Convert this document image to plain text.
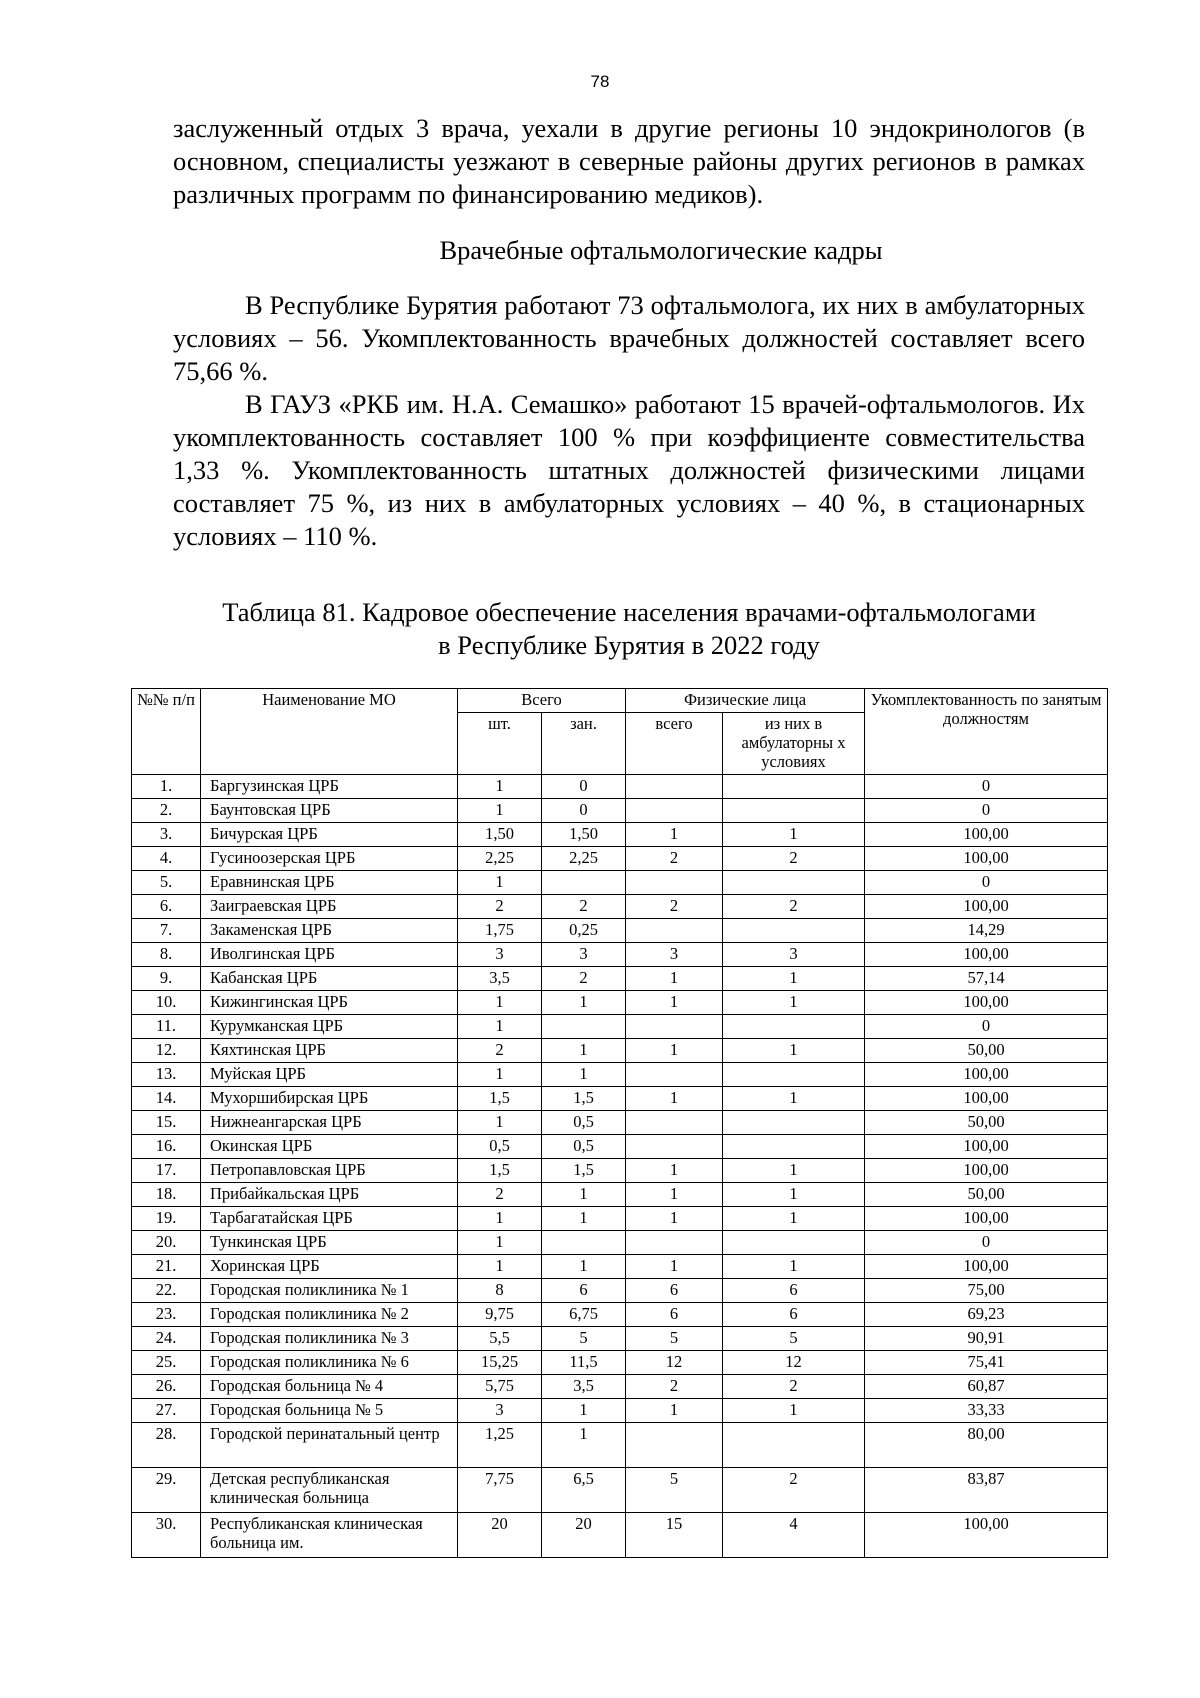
78

заслуженный отдых 3 врача, уехали в другие регионы 10 эндокринологов (в основном, специалисты уезжают в северные районы других регионов в рамках различных программ по финансированию медиков).

Врачебные офтальмологические кадры

В Республике Бурятия работают 73 офтальмолога, их них в амбулаторных условиях – 56. Укомплектованность врачебных должностей составляет всего 75,66 %.

В ГАУЗ «РКБ им. Н.А. Семашко» работают 15 врачей-офтальмологов. Их укомплектованность составляет 100 % при коэффициенте совместительства 1,33 %. Укомплектованность штатных должностей физическими лицами составляет 75 %, из них в амбулаторных условиях – 40 %, в стационарных условиях – 110 %.

Таблица 81. Кадровое обеспечение населения врачами-офтальмологами
в Республике Бурятия в 2022 году
№№ п/п	Наименование МО	Всего		Физические лица		Укомплектованность по занятым должностям
		шт.	зан.	всего	из них в амбулаторны х условиях	
1.	Баргузинская ЦРБ	1	0			0
2.	Баунтовская ЦРБ	1	0			0
3.	Бичурская ЦРБ	1,50	1,50	1	1	100,00
4.	Гусиноозерская ЦРБ	2,25	2,25	2	2	100,00
5.	Еравнинская ЦРБ	1				0
6.	Заиграевская ЦРБ	2	2	2	2	100,00
7.	Закаменская ЦРБ	1,75	0,25			14,29
8.	Иволгинская ЦРБ	3	3	3	3	100,00
9.	Кабанская ЦРБ	3,5	2	1	1	57,14
10.	Кижингинская ЦРБ	1	1	1	1	100,00
11.	Курумканская ЦРБ	1				0
12.	Кяхтинская ЦРБ	2	1	1	1	50,00
13.	Муйская ЦРБ	1	1			100,00
14.	Мухоршибирская ЦРБ	1,5	1,5	1	1	100,00
15.	Нижнеангарская ЦРБ	1	0,5			50,00
16.	Окинская ЦРБ	0,5	0,5			100,00
17.	Петропавловская ЦРБ	1,5	1,5	1	1	100,00
18.	Прибайкальская ЦРБ	2	1	1	1	50,00
19.	Тарбагатайская ЦРБ	1	1	1	1	100,00
20.	Тункинская ЦРБ	1				0
21.	Хоринская ЦРБ	1	1	1	1	100,00
22.	Городская поликлиника № 1	8	6	6	6	75,00
23.	Городская поликлиника № 2	9,75	6,75	6	6	69,23
24.	Городская поликлиника № 3	5,5	5	5	5	90,91
25.	Городская поликлиника № 6	15,25	11,5	12	12	75,41
26.	Городская больница № 4	5,75	3,5	2	2	60,87
27.	Городская больница № 5	3	1	1	1	33,33
28.	Городской перинатальный центр	1,25	1			80,00
29.	Детская республиканская клиническая больница	7,75	6,5	5	2	83,87
30.	Республиканская клиническая больница им.	20	20	15	4	100,00
